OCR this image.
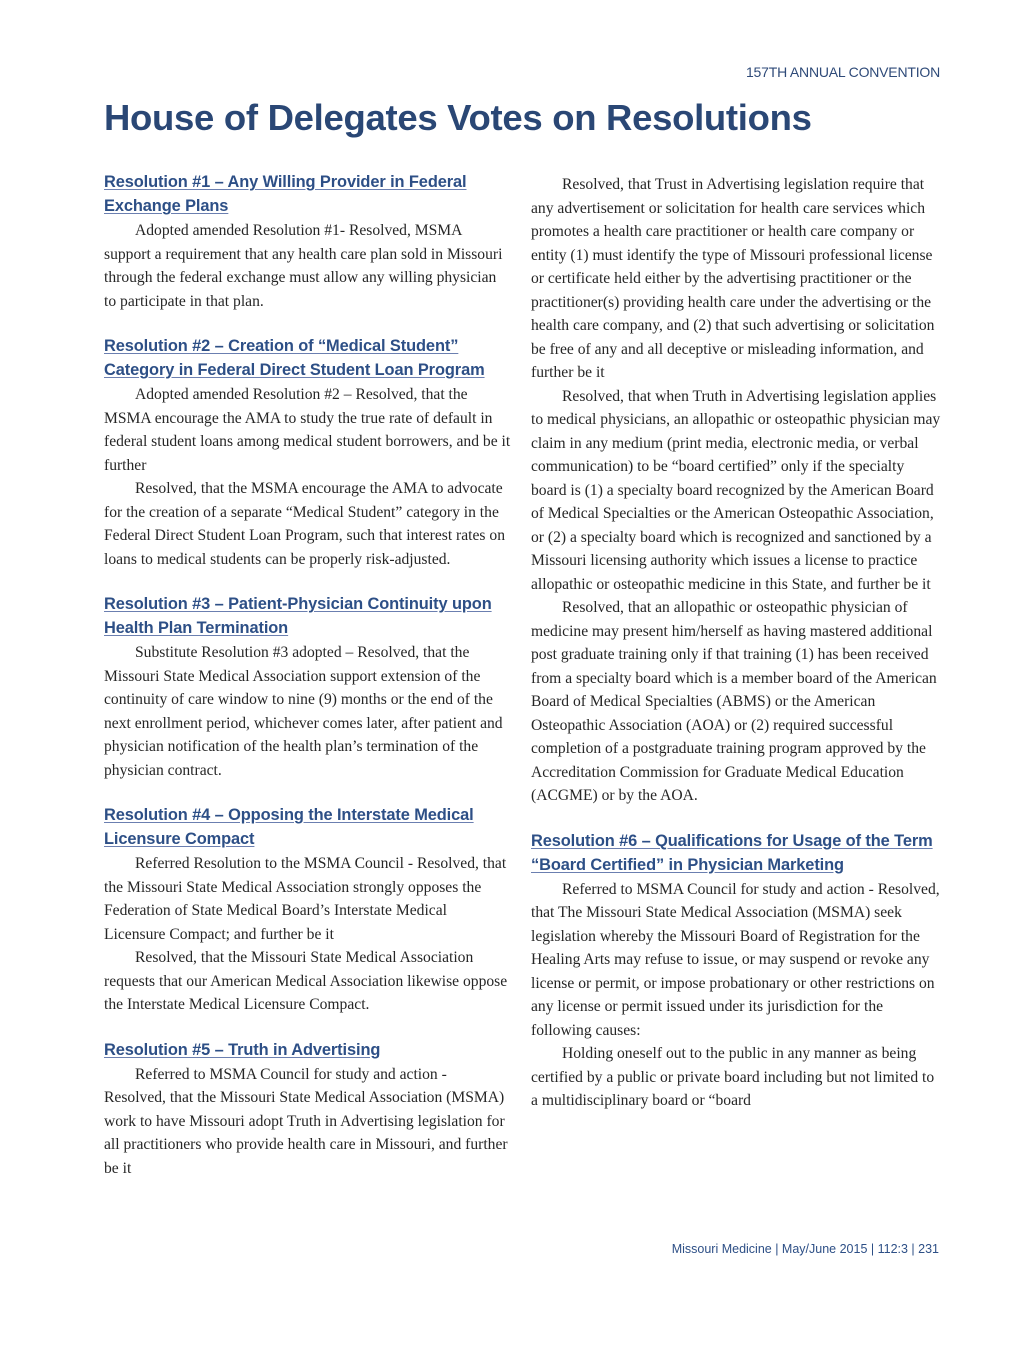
157TH ANNUAL CONVENTION
House of Delegates Votes on Resolutions
Resolution #1 – Any Willing Provider in Federal Exchange Plans

Adopted amended Resolution #1- Resolved, MSMA support a requirement that any health care plan sold in Missouri through the federal exchange must allow any willing physician to participate in that plan.

Resolution #2 – Creation of “Medical Student” Category in Federal Direct Student Loan Program

Adopted amended Resolution #2 – Resolved, that the MSMA encourage the AMA to study the true rate of default in federal student loans among medical student borrowers, and be it further

Resolved, that the MSMA encourage the AMA to advocate for the creation of a separate “Medical Student” category in the Federal Direct Student Loan Program, such that interest rates on loans to medical students can be properly risk-adjusted.

Resolution #3 – Patient-Physician Continuity upon Health Plan Termination

Substitute Resolution #3 adopted – Resolved, that the Missouri State Medical Association support extension of the continuity of care window to nine (9) months or the end of the next enrollment period, whichever comes later, after patient and physician notification of the health plan’s termination of the physician contract.

Resolution #4 – Opposing the Interstate Medical Licensure Compact

Referred Resolution to the MSMA Council - Resolved, that the Missouri State Medical Association strongly opposes the Federation of State Medical Board’s Interstate Medical Licensure Compact; and further be it

Resolved, that the Missouri State Medical Association requests that our American Medical Association likewise oppose the Interstate Medical Licensure Compact.

Resolution #5 – Truth in Advertising

Referred to MSMA Council for study and action - Resolved, that the Missouri State Medical Association (MSMA) work to have Missouri adopt Truth in Advertising legislation for all practitioners who provide health care in Missouri, and further be it

Resolved, that Trust in Advertising legislation require that any advertisement or solicitation for health care services which promotes a health care practitioner or health care company or entity (1) must identify the type of Missouri professional license or certificate held either by the advertising practitioner or the practitioner(s) providing health care under the advertising or the health care company, and (2) that such advertising or solicitation be free of any and all deceptive or misleading information, and further be it

Resolved, that when Truth in Advertising legislation applies to medical physicians, an allopathic or osteopathic physician may claim in any medium (print media, electronic media, or verbal communication) to be “board certified” only if the specialty board is (1) a specialty board recognized by the American Board of Medical Specialties or the American Osteopathic Association, or (2) a specialty board which is recognized and sanctioned by a Missouri licensing authority which issues a license to practice allopathic or osteopathic medicine in this State, and further be it

Resolved, that an allopathic or osteopathic physician of medicine may present him/herself as having mastered additional post graduate training only if that training (1) has been received from a specialty board which is a member board of the American Board of Medical Specialties (ABMS) or the American Osteopathic Association (AOA) or (2) required successful completion of a postgraduate training program approved by the Accreditation Commission for Graduate Medical Education (ACGME) or by the AOA.

Resolution #6 – Qualifications for Usage of the Term “Board Certified” in Physician Marketing

Referred to MSMA Council for study and action - Resolved, that The Missouri State Medical Association (MSMA) seek legislation whereby the Missouri Board of Registration for the Healing Arts may refuse to issue, or may suspend or revoke any license or permit, or impose probationary or other restrictions on any license or permit issued under its jurisdiction for the following causes:

Holding oneself out to the public in any manner as being certified by a public or private board including but not limited to a multidisciplinary board or “board

Missouri Medicine | May/June 2015 | 112:3 | 231
